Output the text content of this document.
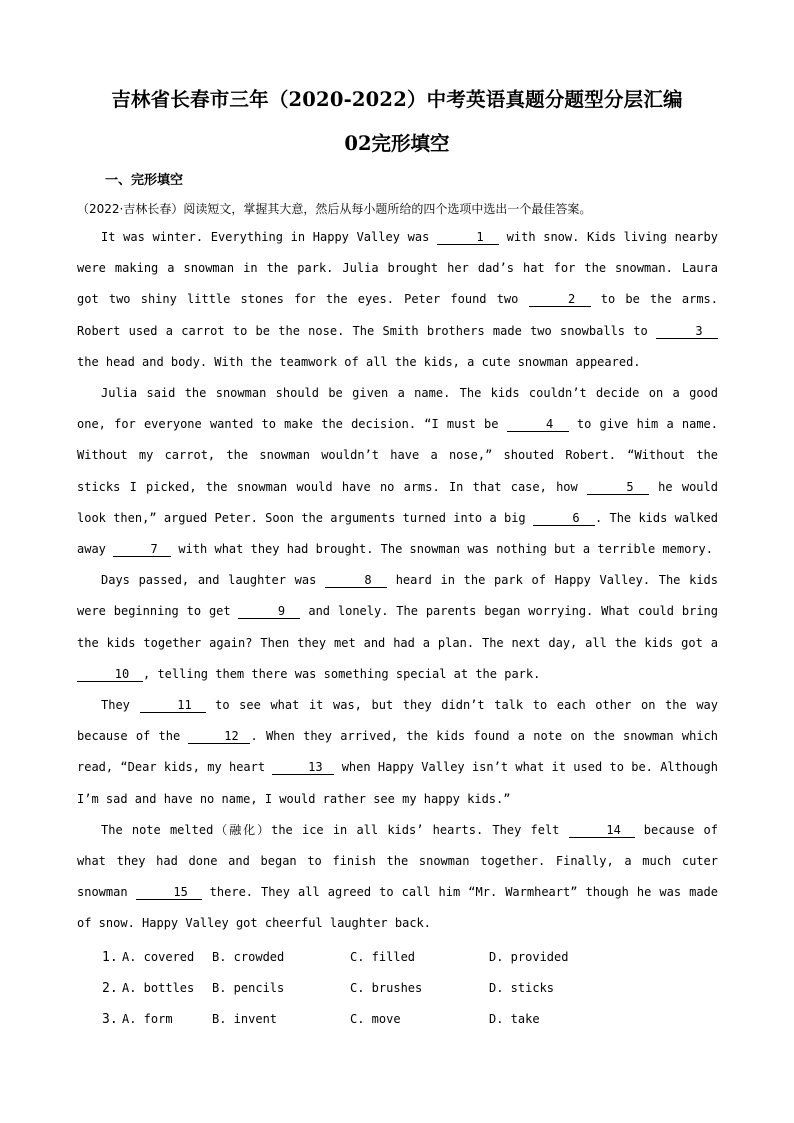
吉林省长春市三年（2020-2022）中考英语真题分题型分层汇编
02完形填空
一、完形填空
（2022·吉林长春）阅读短文，掌握其大意，然后从每小题所给的四个选项中选出一个最佳答案。

It was winter. Everything in Happy Valley was	1 with snow. Kids living nearby were making a snowman in the park. Julia brought her dad’s hat for the snowman. Laura got two shiny little stones for the eyes. Peter found two	2 to be the arms. Robert used a carrot to be the nose. The Smith brothers made two snowballs to	3 the head and body. With the teamwork of all the kids, a cute snowman appeared.

Julia said the snowman should be given a name. The kids couldn’t decide on a good one, for everyone wanted to make the decision. “I must be	4 to give him a name. Without my carrot, the snowman wouldn’t have a nose,” shouted Robert. “Without the sticks I picked, the snowman would have no arms. In that case, how	5 he would look then,” argued Peter. Soon the arguments turned into a big	6 . The kids walked away	7 with what they had brought. The snowman was nothing but a terrible memory.

Days passed, and laughter was	8 heard in the park of Happy Valley. The kids were beginning to get	9 and lonely. The parents began worrying. What could bring the kids together again? Then they met and had a plan. The next day, all the kids got a 10 , telling them there was something special at the park.

They	11 to see what it was, but they didn’t talk to each other on the way because of the	12 . When they arrived, the kids found a note on the snowman which read, “Dear kids, my heart	13 when Happy Valley isn’t what it used to be. Although I’m sad and have no name, I would rather see my happy kids.”

The note melted（融化）the ice in all kids’ hearts. They felt	14 because of what they had done and began to finish the snowman together. Finally, a much cuter snowman	15 there. They all agreed to call him “Mr. Warmheart” though he was made of snow. Happy Valley got cheerful laughter back.

1. A. covered B. crowded	C. filled	D. provided
2. A. bottles B. pencils	C. brushes	D. sticks
3. A. form	B. invent	C. move	D. take
